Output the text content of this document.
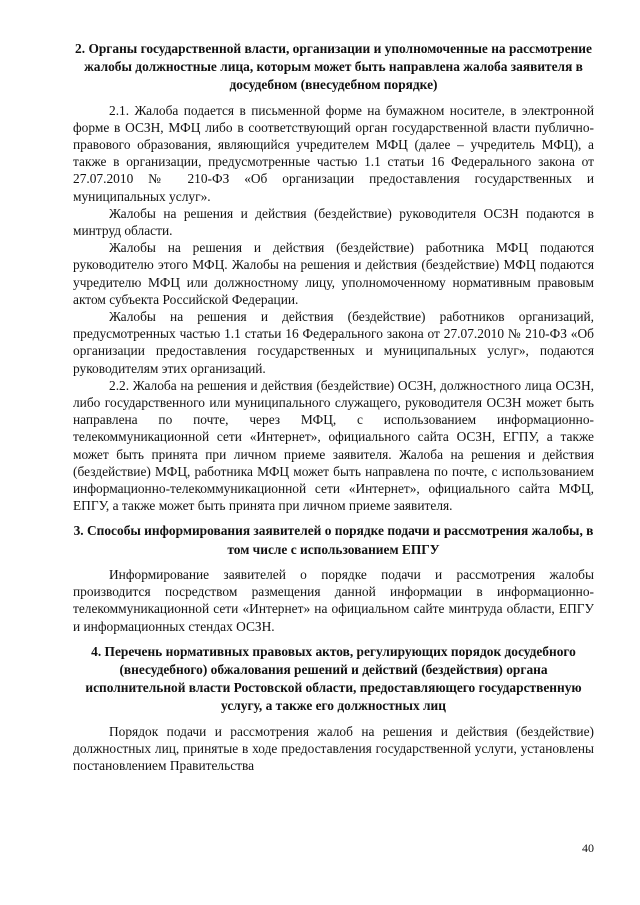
2. Органы государственной власти, организации и уполномоченные на рассмотрение жалобы должностные лица, которым может быть направлена жалоба заявителя в досудебном (внесудебном порядке)

2.1. Жалоба подается в письменной форме на бумажном носителе, в электронной форме в ОСЗН, МФЦ либо в соответствующий орган государственной власти публично-правового образования, являющийся учредителем МФЦ (далее – учредитель МФЦ), а также в организации, предусмотренные частью 1.1 статьи 16 Федерального закона от 27.07.2010 № 210-ФЗ «Об организации предоставления государственных и муниципальных услуг».

Жалобы на решения и действия (бездействие) руководителя ОСЗН подаются в минтруд области.

Жалобы на решения и действия (бездействие) работника МФЦ подаются руководителю этого МФЦ. Жалобы на решения и действия (бездействие) МФЦ подаются учредителю МФЦ или должностному лицу, уполномоченному нормативным правовым актом субъекта Российской Федерации.

Жалобы на решения и действия (бездействие) работников организаций, предусмотренных частью 1.1 статьи 16 Федерального закона от 27.07.2010 № 210-ФЗ «Об организации предоставления государственных и муниципальных услуг», подаются руководителям этих организаций.

2.2. Жалоба на решения и действия (бездействие) ОСЗН, должностного лица ОСЗН, либо государственного или муниципального служащего, руководителя ОСЗН может быть направлена по почте, через МФЦ, с использованием информационно-телекоммуникационной сети «Интернет», официального сайта ОСЗН, ЕГПУ, а также может быть принята при личном приеме заявителя. Жалоба на решения и действия (бездействие) МФЦ, работника МФЦ может быть направлена по почте, с использованием информационно-телекоммуникационной сети «Интернет», официального сайта МФЦ, ЕПГУ, а также может быть принята при личном приеме заявителя.

3. Способы информирования заявителей о порядке подачи и рассмотрения жалобы, в том числе с использованием ЕПГУ

Информирование заявителей о порядке подачи и рассмотрения жалобы производится посредством размещения данной информации в информационно-телекоммуникационной сети «Интернет» на официальном сайте минтруда области, ЕПГУ и информационных стендах ОСЗН.

4. Перечень нормативных правовых актов, регулирующих порядок досудебного (внесудебного) обжалования решений и действий (бездействия) органа исполнительной власти Ростовской области, предоставляющего государственную услугу, а также его должностных лиц

Порядок подачи и рассмотрения жалоб на решения и действия (бездействие) должностных лиц, принятые в ходе предоставления государственной услуги, установлены постановлением Правительства

40
